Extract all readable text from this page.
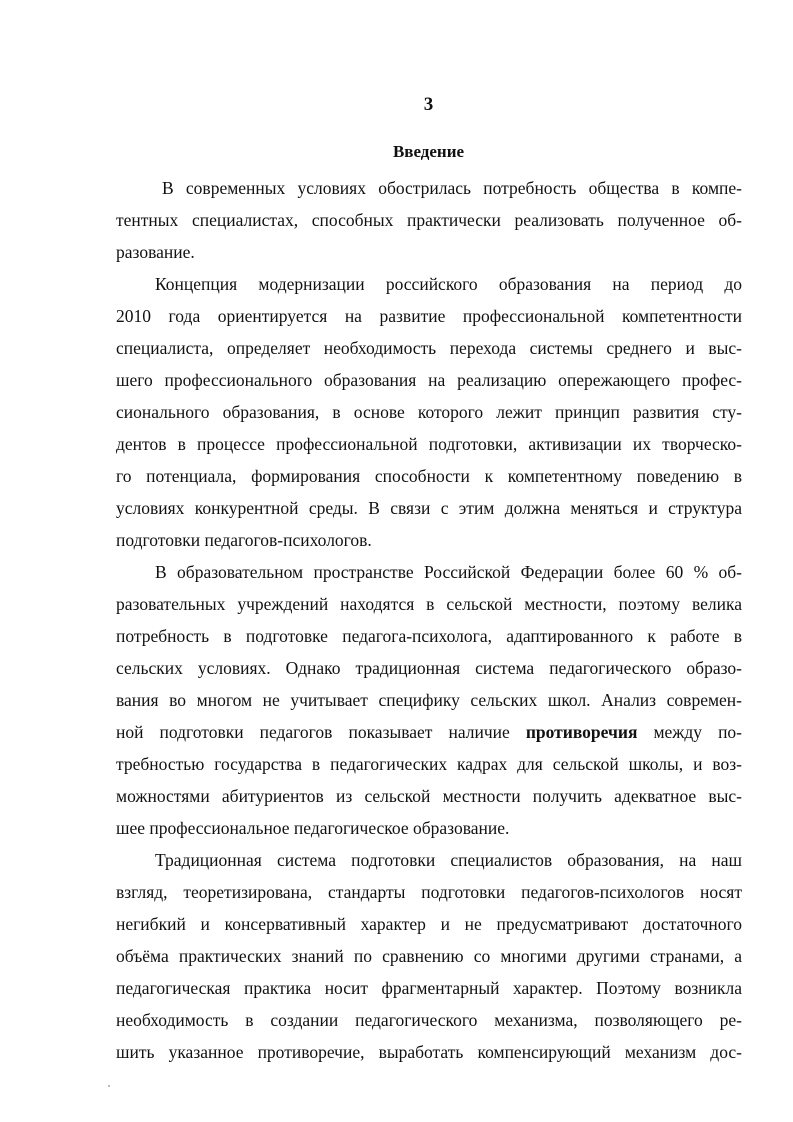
3
Введение
В современных условиях обострилась потребность общества в компе-
тентных специалистах, способных практически реализовать полученное об-
разование.
Концепция модернизации российского образования на период до
2010 года ориентируется на развитие профессиональной компетентности
специалиста, определяет необходимость перехода системы среднего и выс-
шего профессионального образования на реализацию опережающего профес-
сионального образования, в основе которого лежит принцип развития сту-
дентов в процессе профессиональной подготовки, активизации их творческо-
го потенциала, формирования способности к компетентному поведению в
условиях конкурентной среды. В связи с этим должна меняться и структура
подготовки педагогов-психологов.
В образовательном пространстве Российской Федерации более 60 % об-
разовательных учреждений находятся в сельской местности, поэтому велика
потребность в подготовке педагога-психолога, адаптированного к работе в
сельских условиях. Однако традиционная система педагогического образо-
вания во многом не учитывает специфику сельских школ. Анализ современ-
ной подготовки педагогов показывает наличие противоречия между по-
требностью государства в педагогических кадрах для сельской школы, и воз-
можностями абитуриентов из сельской местности получить адекватное выс-
шее профессиональное педагогическое образование.
Традиционная система подготовки специалистов образования, на наш
взгляд, теоретизирована, стандарты подготовки педагогов-психологов носят
негибкий и консервативный характер и не предусматривают достаточного
объёма практических знаний по сравнению со многими другими странами, а
педагогическая практика носит фрагментарный характер. Поэтому возникла
необходимость в создании педагогического механизма, позволяющего ре-
шить указанное противоречие, выработать компенсирующий механизм дос-
